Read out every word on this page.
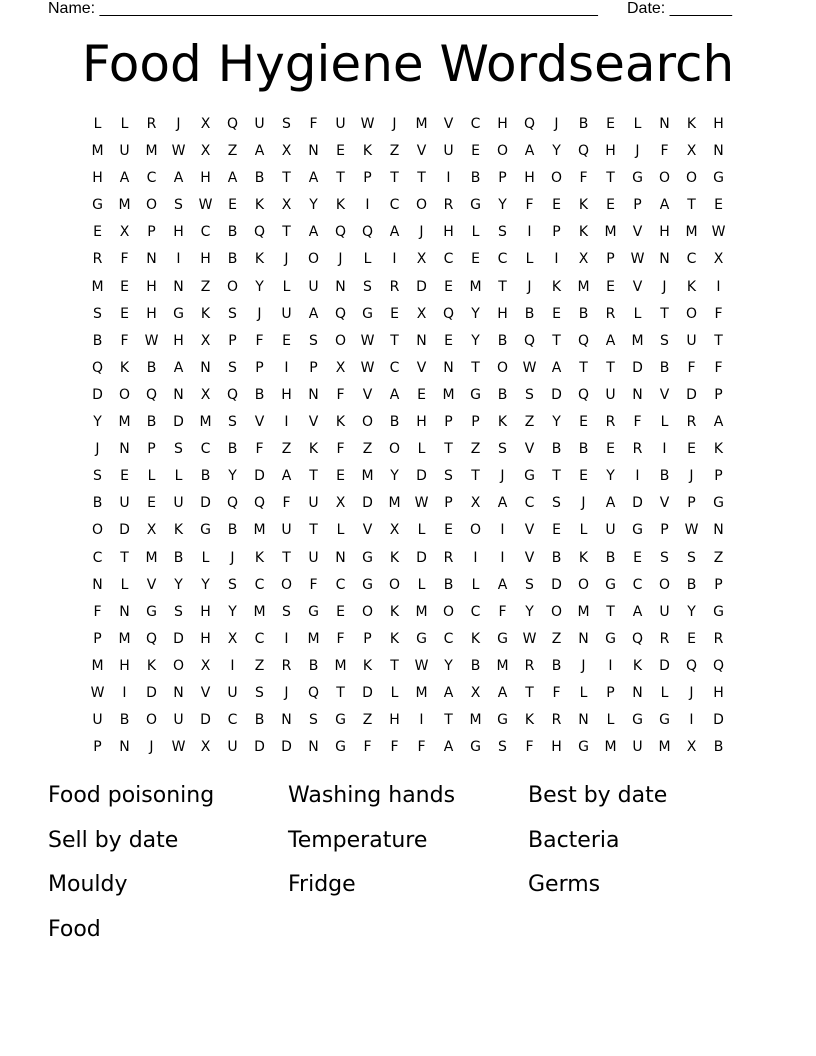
Name: ________________________________________________________ Date: _______
Food Hygiene Wordsearch
L	L	R	J	X	Q	U	S	F	U	W	J	M	V	C	H	Q	J	B	E	L	N	K	H
M	U	M	W	X	Z	A	X	N	E	K	Z	V	U	E	O	A	Y	Q	H	J	F	X	N
H	A	C	A	H	A	B	T	A	T	P	T	T	I	B	P	H	O	F	T	G	O	O	G
G	M	O	S	W	E	K	X	Y	K	I	C	O	R	G	Y	F	E	K	E	P	A	T	E
E	X	P	H	C	B	Q	T	A	Q	Q	A	J	H	L	S	I	P	K	M	V	H	M	W
R	F	N	I	H	B	K	J	O	J	L	I	X	C	E	C	L	I	X	P	W	N	C	X
M	E	H	N	Z	O	Y	L	U	N	S	R	D	E	M	T	J	K	M	E	V	J	K	I
S	E	H	G	K	S	J	U	A	Q	G	E	X	Q	Y	H	B	E	B	R	L	T	O	F
B	F	W	H	X	P	F	E	S	O	W	T	N	E	Y	B	Q	T	Q	A	M	S	U	T
Q	K	B	A	N	S	P	I	P	X	W	C	V	N	T	O	W	A	T	T	D	B	F	F
D	O	Q	N	X	Q	B	H	N	F	V	A	E	M	G	B	S	D	Q	U	N	V	D	P
Y	M	B	D	M	S	V	I	V	K	O	B	H	P	P	K	Z	Y	E	R	F	L	R	A
J	N	P	S	C	B	F	Z	K	F	Z	O	L	T	Z	S	V	B	B	E	R	I	E	K
S	E	L	L	B	Y	D	A	T	E	M	Y	D	S	T	J	G	T	E	Y	I	B	J	P
B	U	E	U	D	Q	Q	F	U	X	D	M	W	P	X	A	C	S	J	A	D	V	P	G
O	D	X	K	G	B	M	U	T	L	V	X	L	E	O	I	V	E	L	U	G	P	W	N
C	T	M	B	L	J	K	T	U	N	G	K	D	R	I	I	V	B	K	B	E	S	S	Z
N	L	V	Y	Y	S	C	O	F	C	G	O	L	B	L	A	S	D	O	G	C	O	B	P
F	N	G	S	H	Y	M	S	G	E	O	K	M	O	C	F	Y	O	M	T	A	U	Y	G
P	M	Q	D	H	X	C	I	M	F	P	K	G	C	K	G	W	Z	N	G	Q	R	E	R
M	H	K	O	X	I	Z	R	B	M	K	T	W	Y	B	M	R	B	J	I	K	D	Q	Q
W	I	D	N	V	U	S	J	Q	T	D	L	M	A	X	A	T	F	L	P	N	L	J	H
U	B	O	U	D	C	B	N	S	G	Z	H	I	T	M	G	K	R	N	L	G	G	I	D
P	N	J	W	X	U	D	D	N	G	F	F	F	A	G	S	F	H	G	M	U	M	X	B
Food poisoning	Washing hands	Best by date
Sell by date	Temperature	Bacteria
Mouldy	Fridge	Germs
Food
